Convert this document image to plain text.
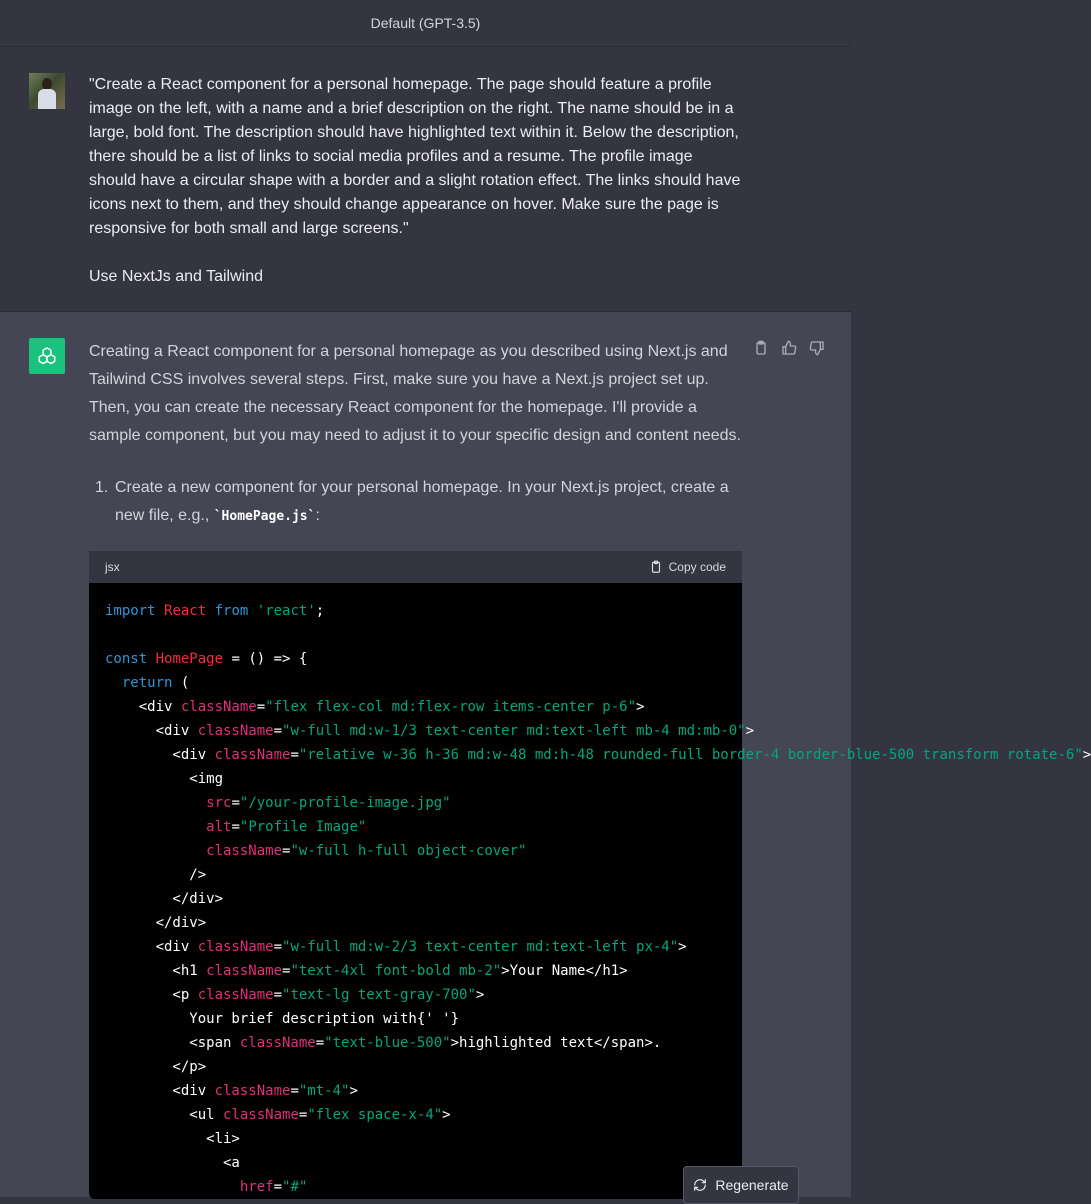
Default (GPT-3.5)

"Create a React component for a personal homepage. The page should feature a profile image on the left, with a name and a brief description on the right. The name should be in a large, bold font. The description should have highlighted text within it. Below the description, there should be a list of links to social media profiles and a resume. The profile image should have a circular shape with a border and a slight rotation effect. The links should have icons next to them, and they should change appearance on hover. Make sure the page is responsive for both small and large screens."

Use NextJs and Tailwind

Creating a React component for a personal homepage as you described using Next.js and Tailwind CSS involves several steps. First, make sure you have a Next.js project set up. Then, you can create the necessary React component for the homepage. I'll provide a sample component, but you may need to adjust it to your specific design and content needs.

1. Create a new component for your personal homepage. In your Next.js project, create a new file, e.g., `HomePage.js`:
jsx	Copy code
import React from 'react';

const HomePage = () => {
return (
<div className="flex flex-col md:flex-row items-center p-6">
<div className="w-full md:w-1/3 text-center md:text-left mb-4 md:mb-0">
<div className="relative w-36 h-36 md:w-48 md:h-48 rounded-full border-4 border-blue-500 transform rotate-6">
<img
src="/your-profile-image.jpg"
alt="Profile Image"
className="w-full h-full object-cover"
/>
</div>
</div>
<div className="w-full md:w-2/3 text-center md:text-left px-4">
<h1 className="text-4xl font-bold mb-2">Your Name</h1>
<p className="text-lg text-gray-700">
Your brief description with{' '}
<span className="text-blue-500">highlighted text</span>.
</p>
<div className="mt-4">
<ul className="flex space-x-4">
<li>
<a
href="#"	Regenerate
